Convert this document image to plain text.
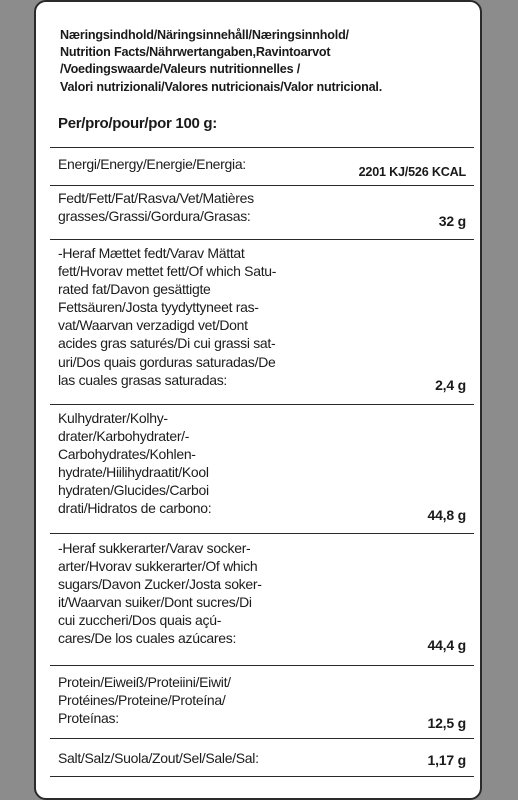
Næringsindhold/Näringsinnehåll/Næringsinnhold/
Nutrition Facts/Nährwertangaben,Ravintoarvot
/Voedingswaarde/Valeurs nutritionnelles /
Valori nutrizionali/Valores nutricionais/Valor nutricional.
Per/pro/pour/por 100 g:
Energi/Energy/Energie/Energia:	2201 KJ/526 KCAL
Fedt/Fett/Fat/Rasva/Vet/Matières
grasses/Grassi/Gordura/Grasas:	32 g
-Heraf Mættet fedt/Varav Mättat
fett/Hvorav mettet fett/Of which Satu-
rated fat/Davon gesättigte
Fettsäuren/Josta tyydyttyneet ras-
vat/Waarvan verzadigd vet/Dont
acides gras saturés/Di cui grassi sat-
uri/Dos quais gorduras saturadas/De
las cuales grasas saturadas:	2,4 g
Kulhydrater/Kolhy-
drater/Karbohydrater/-
Carbohydrates/Kohlen-
hydrate/Hiilihydraatit/Kool
hydraten/Glucides/Carboi
drati/Hidratos de carbono:	44,8 g
-Heraf sukkerarter/Varav socker-
arter/Hvorav sukkerarter/Of which
sugars/Davon Zucker/Josta soker-
it/Waarvan suiker/Dont sucres/Di
cui zuccheri/Dos quais açú-
cares/De los cuales azúcares:	44,4 g
Protein/Eiweiß/Proteiini/Eiwit/
Protéines/Proteine/Proteína/
Proteínas:	12,5 g
Salt/Salz/Suola/Zout/Sel/Sale/Sal:	1,17 g
